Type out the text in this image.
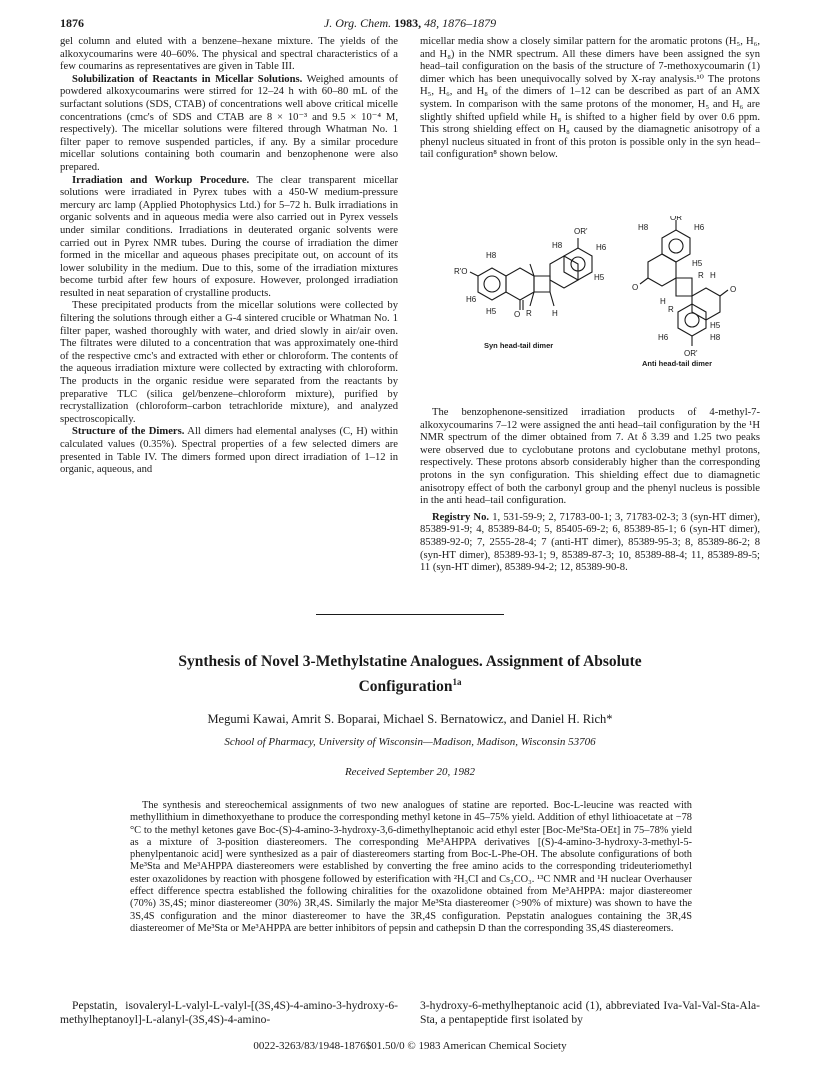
1876	J. Org. Chem. 1983, 48, 1876–1879

gel column and eluted with a benzene–hexane mixture. The yields of the alkoxycoumarins were 40–60%. The physical and spectral characteristics of a few coumarins as representatives are given in Table III.

Solubilization of Reactants in Micellar Solutions. Weighed amounts of powdered alkoxycoumarins were stirred for 12–24 h with 60–80 mL of the surfactant solutions (SDS, CTAB) of concentrations well above critical micelle concentrations (cmc's of SDS and CTAB are 8 × 10⁻³ and 9.5 × 10⁻⁴ M, respectively). The micellar solutions were filtered through Whatman No. 1 filter paper to remove suspended particles, if any. By a similar procedure micellar solutions containing both coumarin and benzophenone were also prepared.

Irradiation and Workup Procedure. The clear transparent micellar solutions were irradiated in Pyrex tubes with a 450-W medium-pressure mercury arc lamp (Applied Photophysics Ltd.) for 5–72 h. Bulk irradiations in organic solvents and in aqueous media were also carried out in Pyrex vessels under similar conditions. Irradiations in deuterated organic solvents were carried out in Pyrex NMR tubes. During the course of irradiation the dimer formed in the micellar and aqueous phases precipitate out, on account of its lower solubility in the medium. Due to this, some of the irradiation mixtures become turbid after few hours of exposure. However, prolonged irradiation resulted in neat separation of crystalline products.

These precipitated products from the micellar solutions were collected by filtering the solutions through either a G-4 sintered crucible or Whatman No. 1 filter paper, washed thoroughly with water, and dried slowly in air/air oven. The filtrates were diluted to a concentration that was approximately one-third of the respective cmc's and extracted with ether or chloroform. The contents of the aqueous irradiation mixture were collected by extracting with chloroform. The products in the organic residue were separated from the reactants by preparative TLC (silica gel/benzene–chloroform mixture), purified by recrystallization (chloroform–carbon tetrachloride mixture), and analyzed spectroscopically.

Structure of the Dimers. All dimers had elemental analyses (C, H) within calculated values (0.35%). Spectral properties of a few selected dimers are presented in Table IV. The dimers formed upon direct irradiation of 1–12 in organic, aqueous, and

micellar media show a closely similar pattern for the aromatic protons (H₅, H₆, and H₈) in the NMR spectrum. All these dimers have been assigned the syn head–tail configuration on the basis of the structure of 7-methoxycoumarin (1) dimer which has been unequivocally solved by X-ray analysis.¹⁰ The protons H₅, H₆, and H₈ of the dimers of 1–12 can be described as part of an AMX system. In comparison with the same protons of the monomer, H₅ and H₆ are slightly shifted upfield while H₈ is shifted to a higher field by over 0.6 ppm. This strong shielding effect on H₈ caused by the diamagnetic anisotropy of a phenyl nucleus situated in front of this proton is possible only in the syn head–tail configuration⁸ shown below.

OR'
R'O
O R	H
H8
H6
H5
H6
H5
H8
Syn head-tail dimer
OR'
H8	H6
H5
R H
O	O
H
R
H5
H6	H8
OR'
Anti head-tail dimer

The benzophenone-sensitized irradiation products of 4-methyl-7-alkoxycoumarins 7–12 were assigned the anti head–tail configuration by the ¹H NMR spectrum of the dimer obtained from 7. At δ 3.39 and 1.25 two peaks were observed due to cyclobutane protons and cyclobutane methyl protons, respectively. These protons absorb considerably higher than the corresponding protons in the syn configuration. This shielding effect due to diamagnetic anisotropy effect of both the carbonyl group and the phenyl nucleus is possible in the anti head–tail configuration.

Registry No. 1, 531-59-9; 2, 71783-00-1; 3, 71783-02-3; 3 (syn-HT dimer), 85389-91-9; 4, 85389-84-0; 5, 85405-69-2; 6, 85389-85-1; 6 (syn-HT dimer), 85389-92-0; 7, 2555-28-4; 7 (anti-HT dimer), 85389-95-3; 8, 85389-86-2; 8 (syn-HT dimer), 85389-93-1; 9, 85389-87-3; 10, 85389-88-4; 11, 85389-89-5; 11 (syn-HT dimer), 85389-94-2; 12, 85389-90-8.

Synthesis of Novel 3-Methylstatine Analogues. Assignment of Absolute
Configuration$^{1a}$
Megumi Kawai, Amrit S. Boparai, Michael S. Bernatowicz, and Daniel H. Rich*
School of Pharmacy, University of Wisconsin—Madison, Madison, Wisconsin 53706
Received September 20, 1982

The synthesis and stereochemical assignments of two new analogues of statine are reported. Boc-L-leucine was reacted with methyllithium in dimethoxyethane to produce the corresponding methyl ketone in 45–75% yield. Addition of ethyl lithioacetate at −78 °C to the methyl ketones gave Boc-(S)-4-amino-3-hydroxy-3,6-dimethylheptanoic acid ethyl ester [Boc-Me³Sta-OEt] in 75–78% yield as a mixture of 3-position diastereomers. The corresponding Me³AHPPA derivatives [(S)-4-amino-3-hydroxy-3-methyl-5-phenylpentanoic acid] were synthesized as a pair of diastereomers starting from Boc-L-Phe-OH. The absolute configurations of both Me³Sta and Me³AHPPA diastereomers were established by converting the free amino acids to the corresponding trideuteriomethyl ester oxazolidones by reaction with phosgene followed by esterification with ²H₃CI and Cs₂CO₃. ¹³C NMR and ¹H nuclear Overhauser effect difference spectra established the following chiralities for the oxazolidone obtained from Me³AHPPA: major diastereomer (70%) 3S,4S; minor diastereomer (30%) 3R,4S. Similarly the major Me³Sta diastereomer (>90% of mixture) was shown to have the 3S,4S configuration and the minor diastereomer to have the 3R,4S configuration. Pepstatin analogues containing the 3R,4S diastereomer of Me³Sta or Me³AHPPA are better inhibitors of pepsin and cathepsin D than the corresponding 3S,4S diastereomers.

Pepstatin, isovaleryl-L-valyl-L-valyl-[(3S,4S)-4-amino-3-hydroxy-6-methylheptanoyl]-L-alanyl-(3S,4S)-4-amino-

3-hydroxy-6-methylheptanoic acid (1), abbreviated Iva-Val-Val-Sta-Ala-Sta, a pentapeptide first isolated by

0022-3263/83/1948-1876$01.50/0 © 1983 American Chemical Society
